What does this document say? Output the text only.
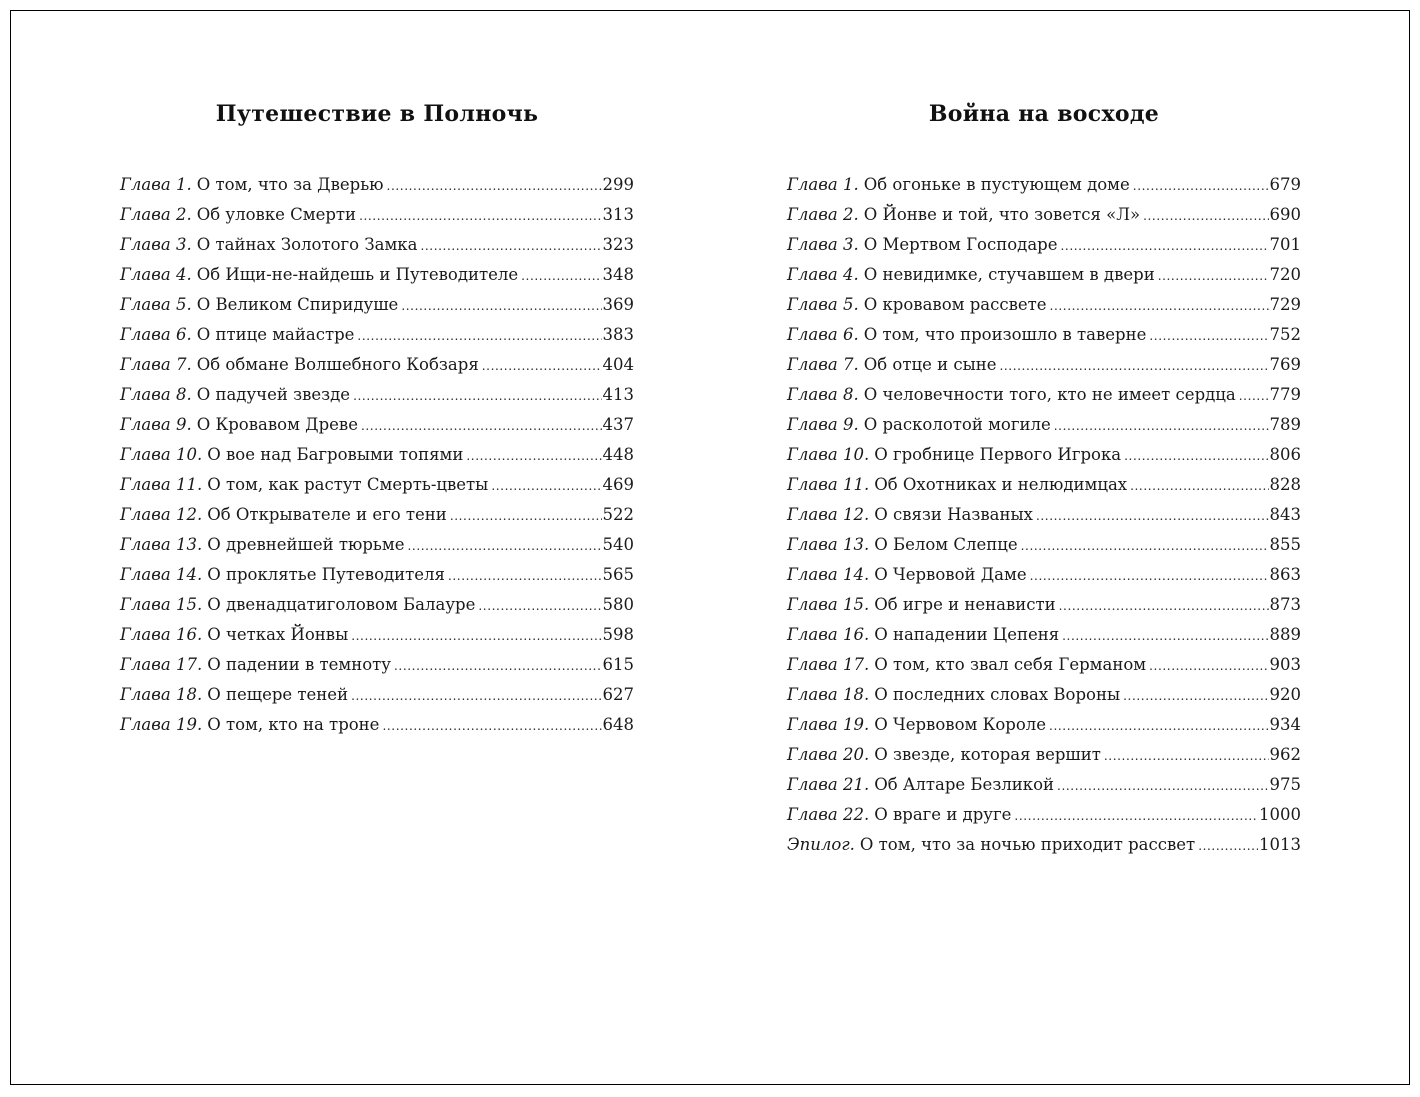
Путешествие в Полночь
Глава 1. О том, что за Дверью .....	299
Глава 2. Об уловке Смерти .....	313
Глава 3. О тайнах Золотого Замка .....	323
Глава 4. Об Ищи-не-найдешь и Путеводителе .....	348
Глава 5. О Великом Спиридуше .....	369
Глава 6. О птице майастре .....	383
Глава 7. Об обмане Волшебного Кобзаря .....	404
Глава 8. О падучей звезде .....	413
Глава 9. О Кровавом Древе .....	437
Глава 10. О вое над Багровыми топями .....	448
Глава 11. О том, как растут Смерть-цветы .....	469
Глава 12. Об Открывателе и его тени .....	522
Глава 13. О древнейшей тюрьме .....	540
Глава 14. О проклятье Путеводителя .....	565
Глава 15. О двенадцатиголовом Балауре .....	580
Глава 16. О четках Йонвы .....	598
Глава 17. О падении в темноту .....	615
Глава 18. О пещере теней .....	627
Глава 19. О том, кто на троне .....	648
Война на восходе
Глава 1. Об огоньке в пустующем доме .....	679
Глава 2. О Йонве и той, что зовется «Л» .....	690
Глава 3. О Мертвом Господаре .....	701
Глава 4. О невидимке, стучавшем в двери .....	720
Глава 5. О кровавом рассвете .....	729
Глава 6. О том, что произошло в таверне .....	752
Глава 7. Об отце и сыне .....	769
Глава 8. О человечности того, кто не имеет сердца ..... 779
Глава 9. О расколотой могиле .....	789
Глава 10. О гробнице Первого Игрока .....	806
Глава 11. Об Охотниках и нелюдимцах .....	828
Глава 12. О связи Названых .....	843
Глава 13. О Белом Слепце .....	855
Глава 14. О Червовой Даме .....	863
Глава 15. Об игре и ненависти .....	873
Глава 16. О нападении Цепеня .....	889
Глава 17. О том, кто звал себя Германом .....	903
Глава 18. О последних словах Вороны .....	920
Глава 19. О Червовом Короле .....	934
Глава 20. О звезде, которая вершит .....	962
Глава 21. Об Алтаре Безликой .....	975
Глава 22. О враге и друге .....	1000
Эпилог. О том, что за ночью приходит рассвет .....	1013
